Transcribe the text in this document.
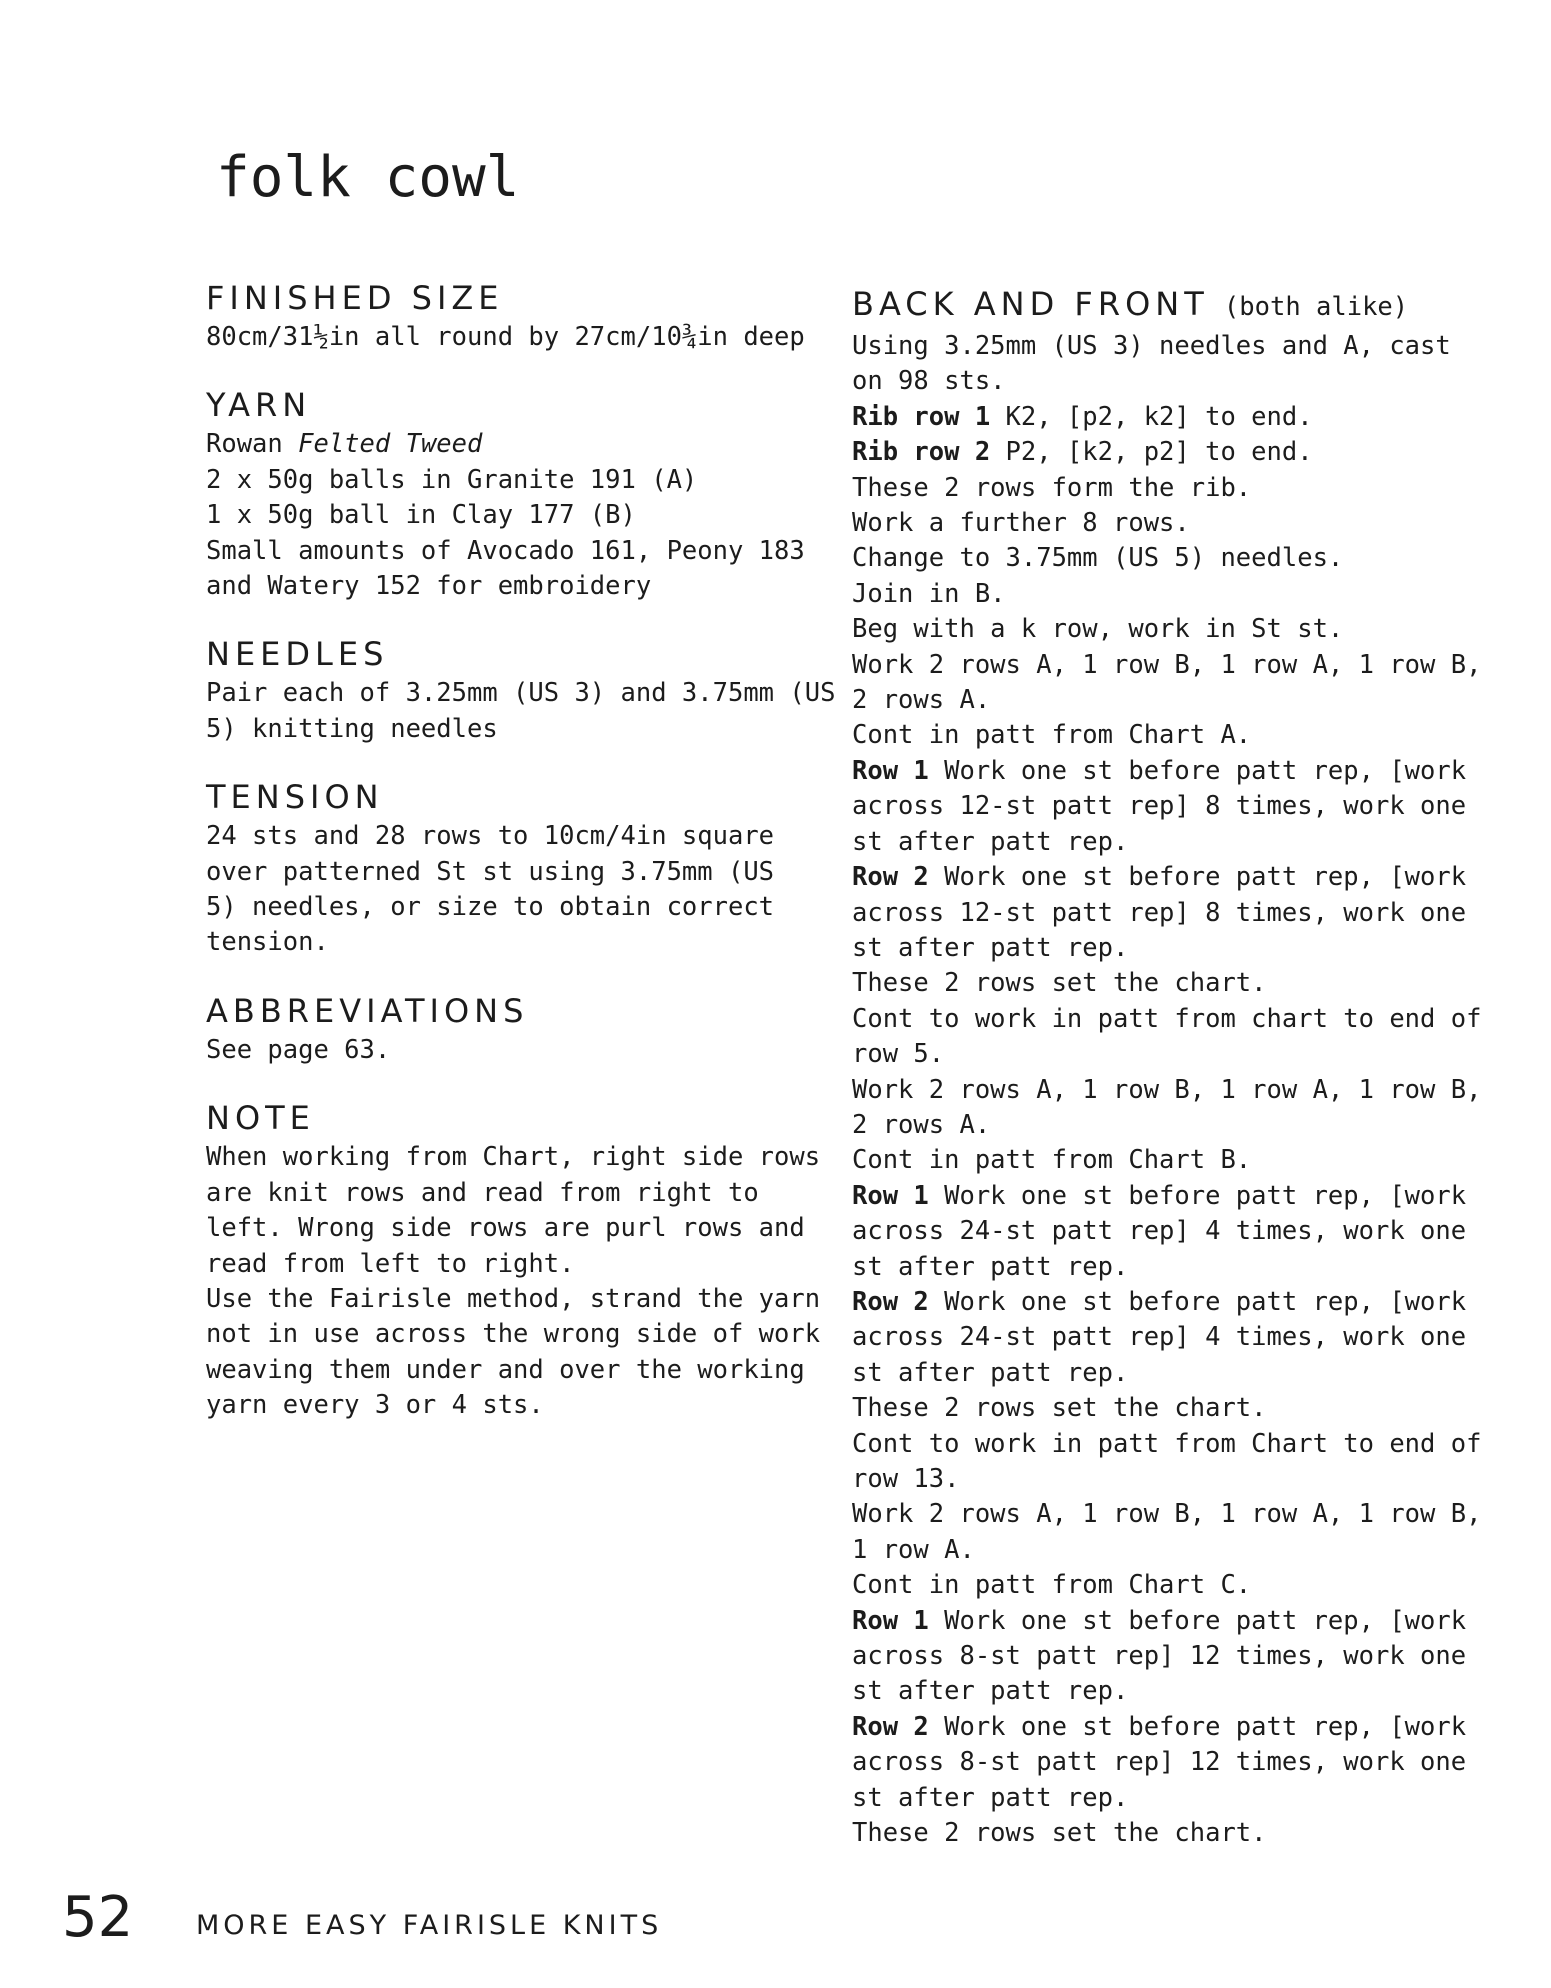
folk cowl
FINISHED SIZE

80cm/31½in all round by 27cm/10¾in deep

YARN

Rowan Felted Tweed

2 x 50g balls in Granite 191 (A)

1 x 50g ball in Clay 177 (B)

Small amounts of Avocado 161, Peony 183

and Watery 152 for embroidery

NEEDLES

Pair each of 3.25mm (US 3) and 3.75mm (US

5) knitting needles

TENSION

24 sts and 28 rows to 10cm/4in square

over patterned St st using 3.75mm (US

5) needles, or size to obtain correct

tension.

ABBREVIATIONS

See page 63.

NOTE

When working from Chart, right side rows

are knit rows and read from right to

left. Wrong side rows are purl rows and

read from left to right.

Use the Fairisle method, strand the yarn

not in use across the wrong side of work

weaving them under and over the working

yarn every 3 or 4 sts.

BACK AND FRONT (both alike)

Using 3.25mm (US 3) needles and A, cast

on 98 sts.

Rib row 1 K2, [p2, k2] to end.

Rib row 2 P2, [k2, p2] to end.

These 2 rows form the rib.

Work a further 8 rows.

Change to 3.75mm (US 5) needles.

Join in B.

Beg with a k row, work in St st.

Work 2 rows A, 1 row B, 1 row A, 1 row B,

2 rows A.

Cont in patt from Chart A.

Row 1 Work one st before patt rep, [work

across 12-st patt rep] 8 times, work one

st after patt rep.

Row 2 Work one st before patt rep, [work

across 12-st patt rep] 8 times, work one

st after patt rep.

These 2 rows set the chart.

Cont to work in patt from chart to end of

row 5.

Work 2 rows A, 1 row B, 1 row A, 1 row B,

2 rows A.

Cont in patt from Chart B.

Row 1 Work one st before patt rep, [work

across 24-st patt rep] 4 times, work one

st after patt rep.

Row 2 Work one st before patt rep, [work

across 24-st patt rep] 4 times, work one

st after patt rep.

These 2 rows set the chart.

Cont to work in patt from Chart to end of

row 13.

Work 2 rows A, 1 row B, 1 row A, 1 row B,

1 row A.

Cont in patt from Chart C.

Row 1 Work one st before patt rep, [work

across 8-st patt rep] 12 times, work one

st after patt rep.

Row 2 Work one st before patt rep, [work

across 8-st patt rep] 12 times, work one

st after patt rep.

These 2 rows set the chart.

52 MORE EASY FAIRISLE KNITS
